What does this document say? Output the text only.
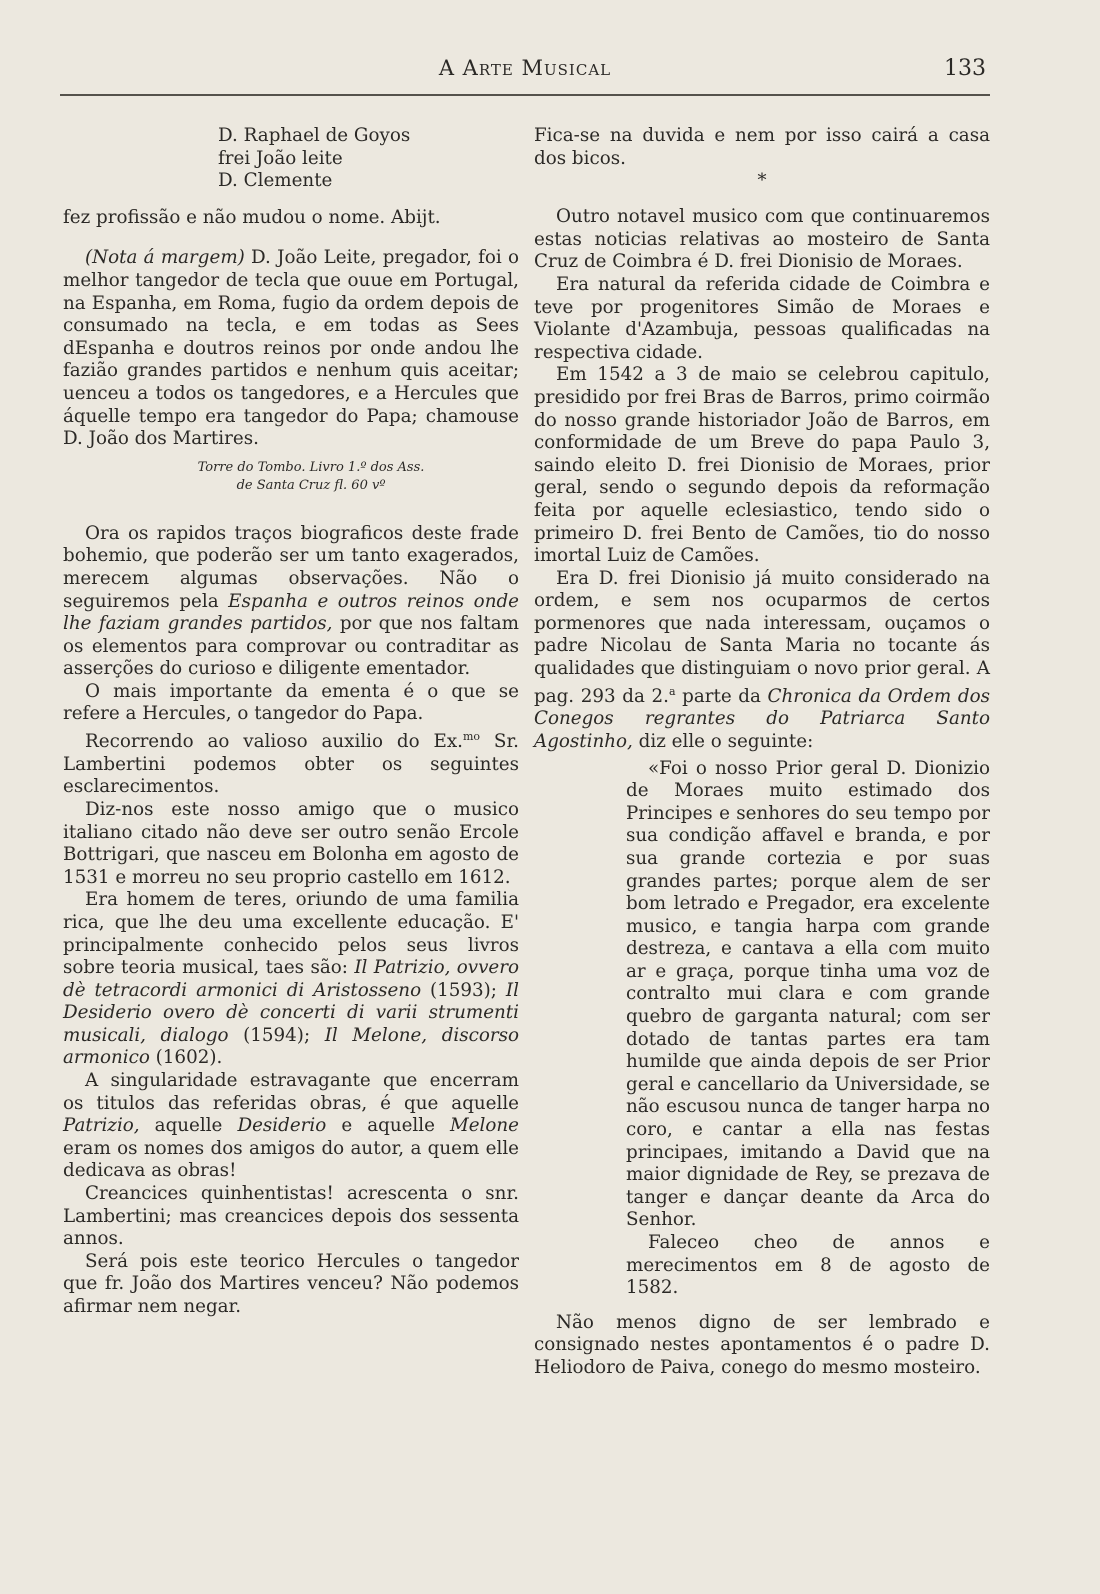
A Arte Musical	133
D. Raphael de Goyos
frei João leite
D. Clemente

fez profissão e não mudou o nome. Abijt.

(Nota á margem) D. João Leite, pregador, foi o melhor tangedor de tecla que ouue em Portugal, na Espanha, em Roma, fugio da ordem depois de consumado na tecla, e em todas as Sees dEspanha e doutros reinos por onde andou lhe fazião grandes partidos e nenhum quis aceitar; uenceu a todos os tangedores, e a Hercules que áquelle tempo era tangedor do Papa; chamouse D. João dos Martires.

Torre do Tombo. Livro 1.º dos Ass.
de Santa Cruz fl. 60 vº

Ora os rapidos traços biograficos deste frade bohemio, que poderão ser um tanto exagerados, merecem algumas observações. Não o seguiremos pela Espanha e outros reinos onde lhe faziam grandes partidos, por que nos faltam os elementos para comprovar ou contraditar as asserções do curioso e diligente ementador.

O mais importante da ementa é o que se refere a Hercules, o tangedor do Papa.

Recorrendo ao valioso auxilio do Ex.$^{mo}$ Sr. Lambertini podemos obter os seguintes esclarecimentos.

Diz-nos este nosso amigo que o musico italiano citado não deve ser outro senão Ercole Bottrigari, que nasceu em Bolonha em agosto de 1531 e morreu no seu proprio castello em 1612.

Era homem de teres, oriundo de uma familia rica, que lhe deu uma excellente educação. E' principalmente conhecido pelos seus livros sobre teoria musical, taes são: Il Patrizio, ovvero dè tetracordi armonici di Aristosseno (1593); Il Desiderio overo dè concerti di varii strumenti musicali, dialogo (1594); Il Melone, discorso armonico (1602).

A singularidade estravagante que encerram os titulos das referidas obras, é que aquelle Patrizio, aquelle Desiderio e aquelle Melone eram os nomes dos amigos do autor, a quem elle dedicava as obras!

Creancices quinhentistas! acrescenta o snr. Lambertini; mas creancices depois dos sessenta annos.

Será pois este teorico Hercules o tangedor que fr. João dos Martires venceu? Não podemos afirmar nem negar.

Fica-se na duvida e nem por isso cairá a casa dos bicos.

*

Outro notavel musico com que continuaremos estas noticias relativas ao mosteiro de Santa Cruz de Coimbra é D. frei Dionisio de Moraes.

Era natural da referida cidade de Coimbra e teve por progenitores Simão de Moraes e Violante d'Azambuja, pessoas qualificadas na respectiva cidade.

Em 1542 a 3 de maio se celebrou capitulo, presidido por frei Bras de Barros, primo coirmão do nosso grande historiador João de Barros, em conformidade de um Breve do papa Paulo 3, saindo eleito D. frei Dionisio de Moraes, prior geral, sendo o segundo depois da reformação feita por aquelle eclesiastico, tendo sido o primeiro D. frei Bento de Camões, tio do nosso imortal Luiz de Camões.

Era D. frei Dionisio já muito considerado na ordem, e sem nos ocuparmos de certos pormenores que nada interessam, ouçamos o padre Nicolau de Santa Maria no tocante ás qualidades que distinguiam o novo prior geral. A pag. 293 da 2.$^a$ parte da Chronica da Ordem dos Conegos regrantes do Patriarca Santo Agostinho, diz elle o seguinte:

«Foi o nosso Prior geral D. Dionizio de Moraes muito estimado dos Principes e senhores do seu tempo por sua condição affavel e branda, e por sua grande cortezia e por suas grandes partes; porque alem de ser bom letrado e Pregador, era excelente musico, e tangia harpa com grande destreza, e cantava a ella com muito ar e graça, porque tinha uma voz de contralto mui clara e com grande quebro de garganta natural; com ser dotado de tantas partes era tam humilde que ainda depois de ser Prior geral e cancellario da Universidade, se não escusou nunca de tanger harpa no coro, e cantar a ella nas festas principaes, imitando a David que na maior dignidade de Rey, se prezava de tanger e dançar deante da Arca do Senhor.

Faleceo cheo de annos e merecimentos em 8 de agosto de 1582.

Não menos digno de ser lembrado e consignado nestes apontamentos é o padre D. Heliodoro de Paiva, conego do mesmo mosteiro.
